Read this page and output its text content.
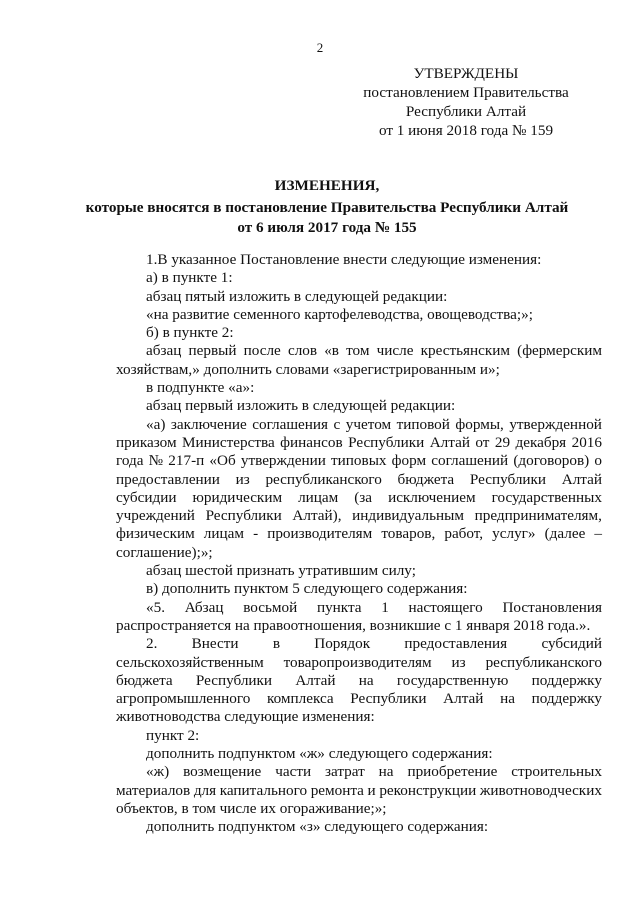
2
УТВЕРЖДЕНЫ
постановлением Правительства
Республики Алтай
от 1 июня 2018 года № 159
ИЗМЕНЕНИЯ,
которые вносятся в постановление Правительства Республики Алтай
от 6 июля 2017 года № 155
1. В указанное Постановление внести следующие изменения:
а) в пункте 1:
абзац пятый изложить в следующей редакции:
«на развитие семенного картофелеводства, овощеводства;»;
б) в пункте 2:
абзац первый после слов «в том числе крестьянским (фермерским
хозяйствам,» дополнить словами «зарегистрированным и»;
в подпункте «а»:
абзац первый изложить в следующей редакции:
«а) заключение соглашения с учетом типовой формы, утвержденной
приказом Министерства финансов Республики Алтай от 29 декабря 2016
года № 217-п «Об утверждении типовых форм соглашений (договоров) о
предоставлении из республиканского бюджета Республики Алтай
субсидии юридическим лицам (за исключением государственных
учреждений Республики Алтай), индивидуальным предпринимателям,
физическим лицам - производителям товаров, работ, услуг» (далее –
соглашение);»;
абзац шестой признать утратившим силу;
в) дополнить пунктом 5 следующего содержания:
«5. Абзац восьмой пункта 1 настоящего Постановления
распространяется на правоотношения, возникшие с 1 января 2018 года.».
2. Внести в Порядок предоставления субсидий
сельскохозяйственным товаропроизводителям из республиканского
бюджета Республики Алтай на государственную поддержку
агропромышленного комплекса Республики Алтай на поддержку
животноводства следующие изменения:
пункт 2:
дополнить подпунктом «ж» следующего содержания:
«ж) возмещение части затрат на приобретение строительных
материалов для капитального ремонта и реконструкции животноводческих
объектов, в том числе их огораживание;»;
дополнить подпунктом «з» следующего содержания:
